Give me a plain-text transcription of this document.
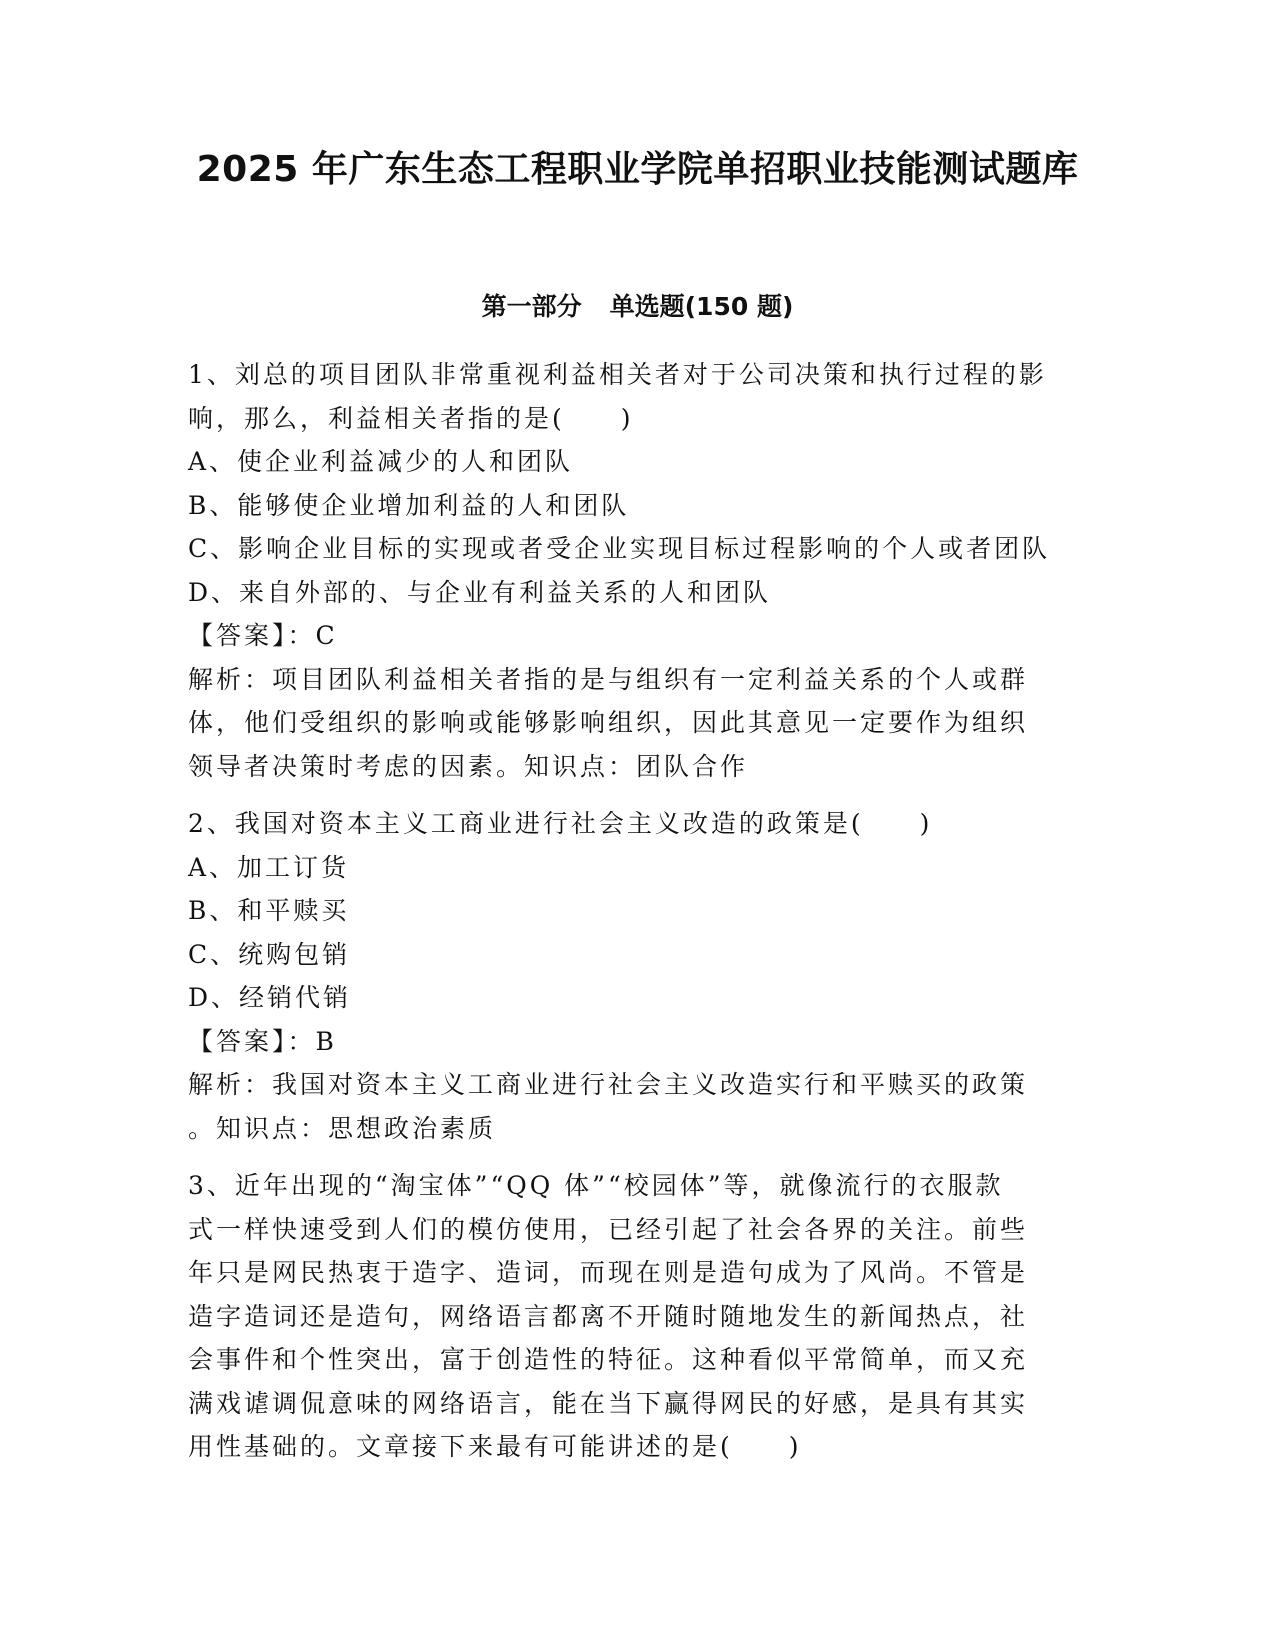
2025 年广东生态工程职业学院单招职业技能测试题库
第一部分 单选题(150 题)
1、刘总的项目团队非常重视利益相关者对于公司决策和执行过程的影
响，那么，利益相关者指的是(　　)
A、使企业利益减少的人和团队
B、能够使企业增加利益的人和团队
C、影响企业目标的实现或者受企业实现目标过程影响的个人或者团队
D、来自外部的、与企业有利益关系的人和团队
【答案】：C
解析：项目团队利益相关者指的是与组织有一定利益关系的个人或群
体，他们受组织的影响或能够影响组织，因此其意见一定要作为组织
领导者决策时考虑的因素。知识点：团队合作
2、我国对资本主义工商业进行社会主义改造的政策是(　　)
A、加工订货
B、和平赎买
C、统购包销
D、经销代销
【答案】：B
解析：我国对资本主义工商业进行社会主义改造实行和平赎买的政策
。知识点：思想政治素质
3、近年出现的“淘宝体”“QQ 体”“校园体”等，就像流行的衣服款
式一样快速受到人们的模仿使用，已经引起了社会各界的关注。前些
年只是网民热衷于造字、造词，而现在则是造句成为了风尚。不管是
造字造词还是造句，网络语言都离不开随时随地发生的新闻热点，社
会事件和个性突出，富于创造性的特征。这种看似平常简单，而又充
满戏谑调侃意味的网络语言，能在当下赢得网民的好感，是具有其实
用性基础的。文章接下来最有可能讲述的是(　　)
